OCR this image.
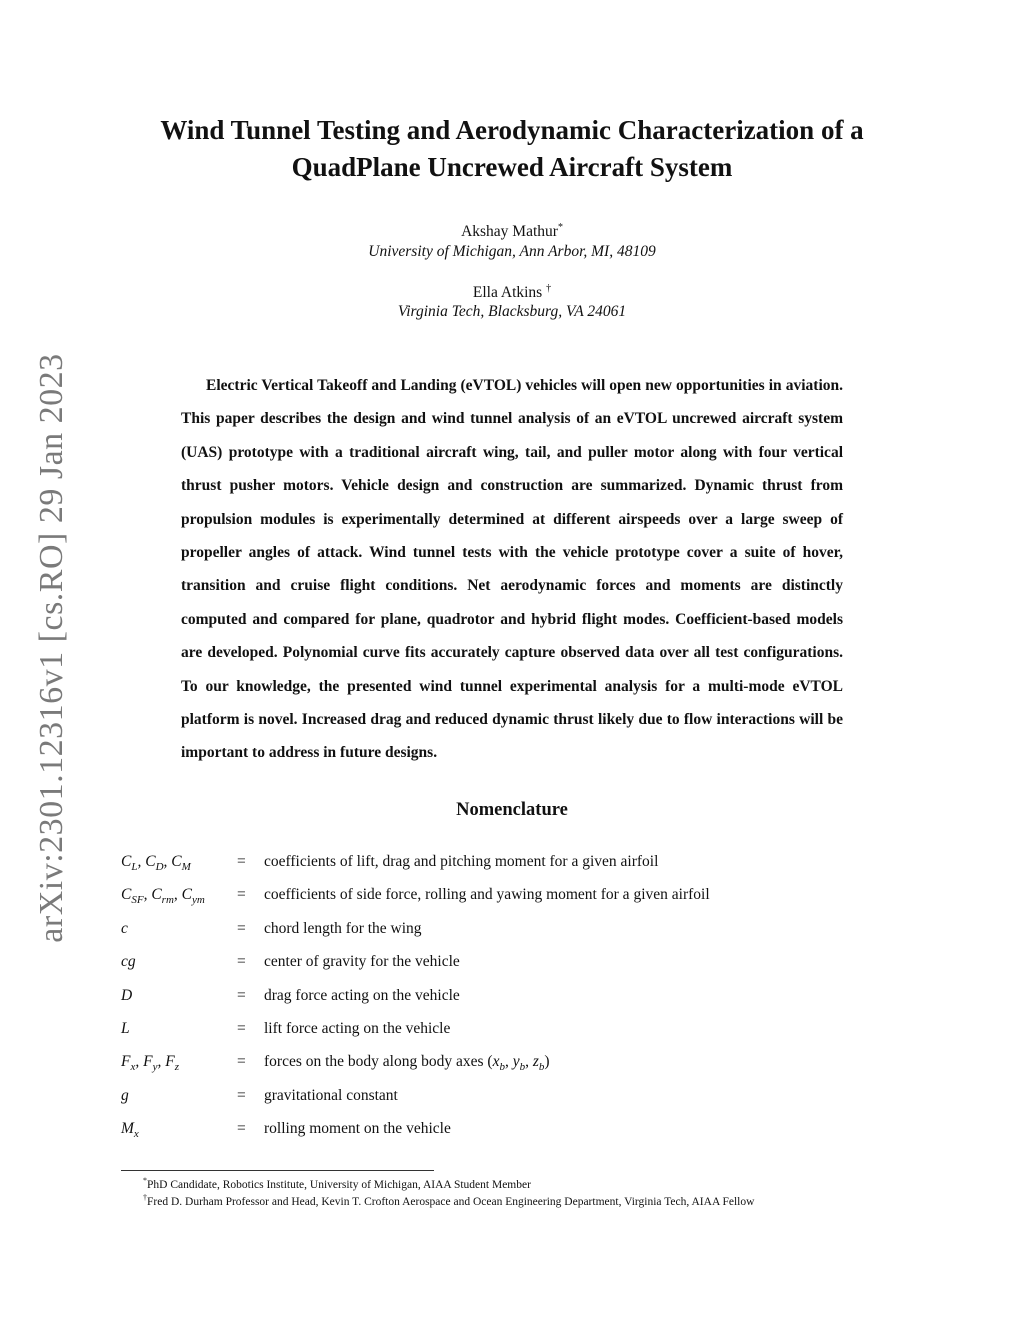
arXiv:2301.12316v1 [cs.RO] 29 Jan 2023
Wind Tunnel Testing and Aerodynamic Characterization of a QuadPlane Uncrewed Aircraft System
Akshay Mathur*
University of Michigan, Ann Arbor, MI, 48109
Ella Atkins †
Virginia Tech, Blacksburg, VA 24061

Electric Vertical Takeoff and Landing (eVTOL) vehicles will open new opportunities in aviation. This paper describes the design and wind tunnel analysis of an eVTOL uncrewed aircraft system (UAS) prototype with a traditional aircraft wing, tail, and puller motor along with four vertical thrust pusher motors. Vehicle design and construction are summarized. Dynamic thrust from propulsion modules is experimentally determined at different airspeeds over a large sweep of propeller angles of attack. Wind tunnel tests with the vehicle prototype cover a suite of hover, transition and cruise flight conditions. Net aerodynamic forces and moments are distinctly computed and compared for plane, quadrotor and hybrid flight modes. Coefficient-based models are developed. Polynomial curve fits accurately capture observed data over all test configurations. To our knowledge, the presented wind tunnel experimental analysis for a multi-mode eVTOL platform is novel. Increased drag and reduced dynamic thrust likely due to flow interactions will be important to address in future designs.

Nomenclature
$C_L$, $C_D$, $C_M$	= coefficients of lift, drag and pitching moment for a given airfoil
$C_{SF}$, $C_{rm}$, $C_{ym}$ = coefficients of side force, rolling and yawing moment for a given airfoil
c	= chord length for the wing
cg	= center of gravity for the vehicle
D	= drag force acting on the vehicle
L	= lift force acting on the vehicle
$F_x$, $F_y$, $F_z$	= forces on the body along body axes ($x_b$, $y_b$, $z_b$)
g	= gravitational constant
$M_x$	= rolling moment on the vehicle
*PhD Candidate, Robotics Institute, University of Michigan, AIAA Student Member
†Fred D. Durham Professor and Head, Kevin T. Crofton Aerospace and Ocean Engineering Department, Virginia Tech, AIAA Fellow
